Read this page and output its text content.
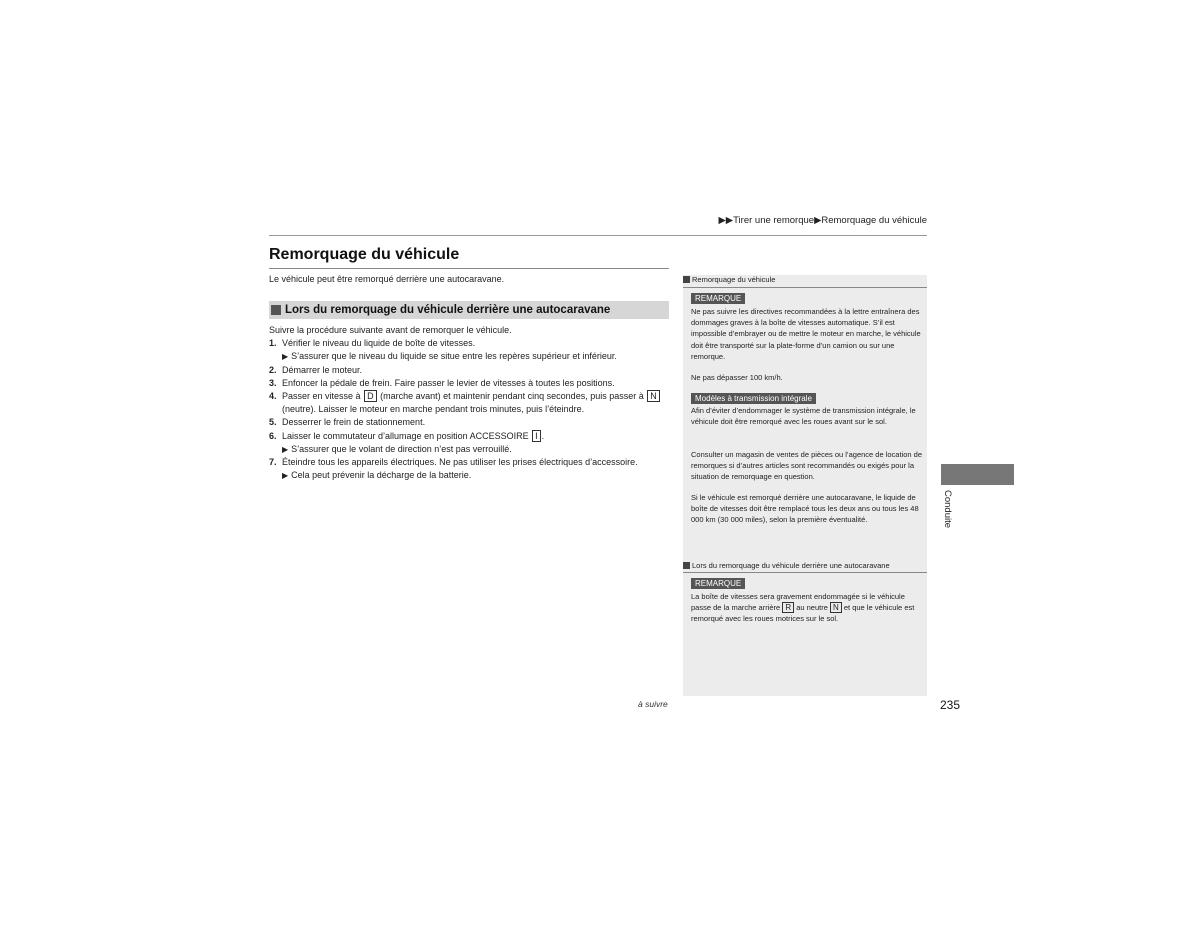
▶▶Tirer une remorque▶Remorquage du véhicule
Remorquage du véhicule
Le véhicule peut être remorqué derrière une autocaravane.
Lors du remorquage du véhicule derrière une autocaravane
Suivre la procédure suivante avant de remorquer le véhicule.
1. Vérifier le niveau du liquide de boîte de vitesses.
▶ S’assurer que le niveau du liquide se situe entre les repères supérieur et inférieur.
2. Démarrer le moteur.
3. Enfoncer la pédale de frein. Faire passer le levier de vitesses à toutes les positions.
4. Passer en vitesse à D (marche avant) et maintenir pendant cinq secondes, puis passer à N
(neutre). Laisser le moteur en marche pendant trois minutes, puis l’éteindre.
5. Desserrer le frein de stationnement.
6. Laisser le commutateur d’allumage en position ACCESSOIRE I .
▶ S’assurer que le volant de direction n’est pas verrouillé.
7. Éteindre tous les appareils électriques. Ne pas utiliser les prises électriques d’accessoire.
▶ Cela peut prévenir la décharge de la batterie.
Remorquage du véhicule
REMARQUE
Ne pas suivre les directives recommandées à la lettre entraînera des dommages graves à la boîte de vitesses automatique. S’il est impossible d’embrayer ou de mettre le moteur en marche, le véhicule doit être transporté sur la plate-forme d’un camion ou sur une remorque.
Ne pas dépasser 100 km/h.
Modèles à transmission intégrale
Afin d’éviter d’endommager le système de transmission intégrale, le véhicule doit être remorqué avec les roues avant sur le sol.
Consulter un magasin de ventes de pièces ou l’agence de location de remorques si d’autres articles sont recommandés ou exigés pour la situation de remorquage en question.
Si le véhicule est remorqué derrière une autocaravane, le liquide de boîte de vitesses doit être remplacé tous les deux ans ou tous les 48 000 km (30 000 miles), selon la première éventualité.
Lors du remorquage du véhicule derrière une autocaravane
REMARQUE
La boîte de vitesses sera gravement endommagée si le véhicule passe de la marche arrière R au neutre N et que le véhicule est remorqué avec les roues motrices sur le sol.
Conduite
à suivre	235
